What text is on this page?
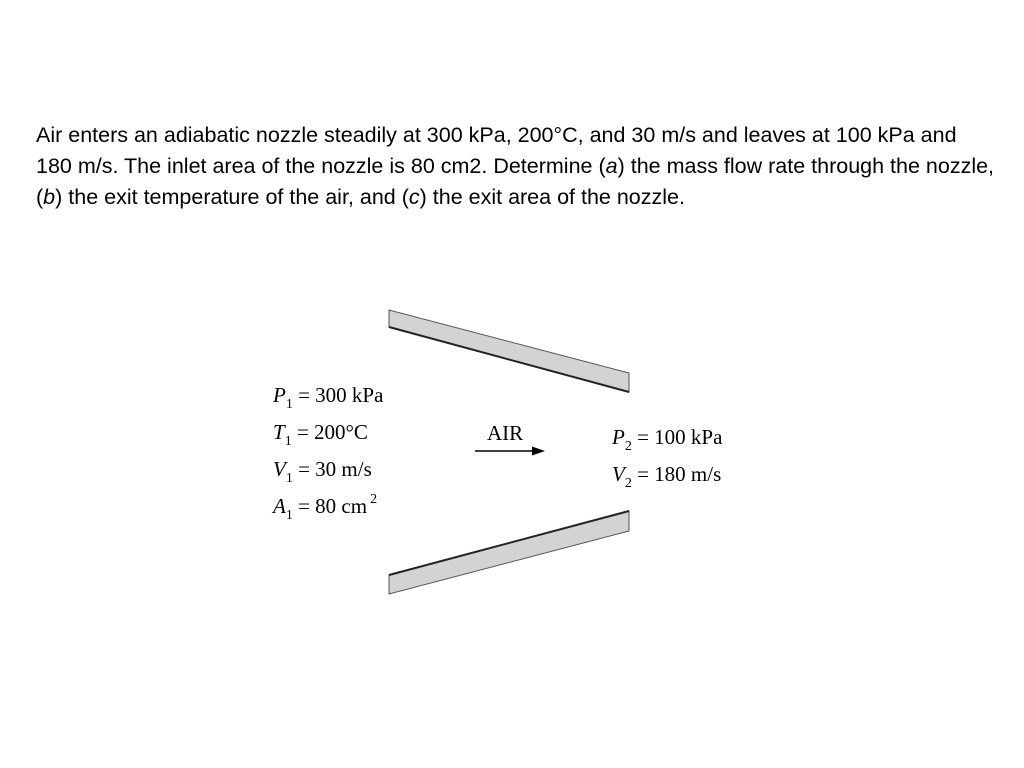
Air enters an adiabatic nozzle steadily at 300 kPa, 200°C, and 30 m/s and leaves at 100 kPa and 180 m/s. The inlet area of the nozzle is 80 cm2. Determine (a) the mass flow rate through the nozzle, (b) the exit temperature of the air, and (c) the exit area of the nozzle.

AIR
$P_1 = 300$ kPa
$T_1 = 200^\circ C$
$V_1 = 30$ m/s
$A_1 = 80$ cm $^2$
$P_2 = 100$ kPa
$V_2 = 180$ m/s
